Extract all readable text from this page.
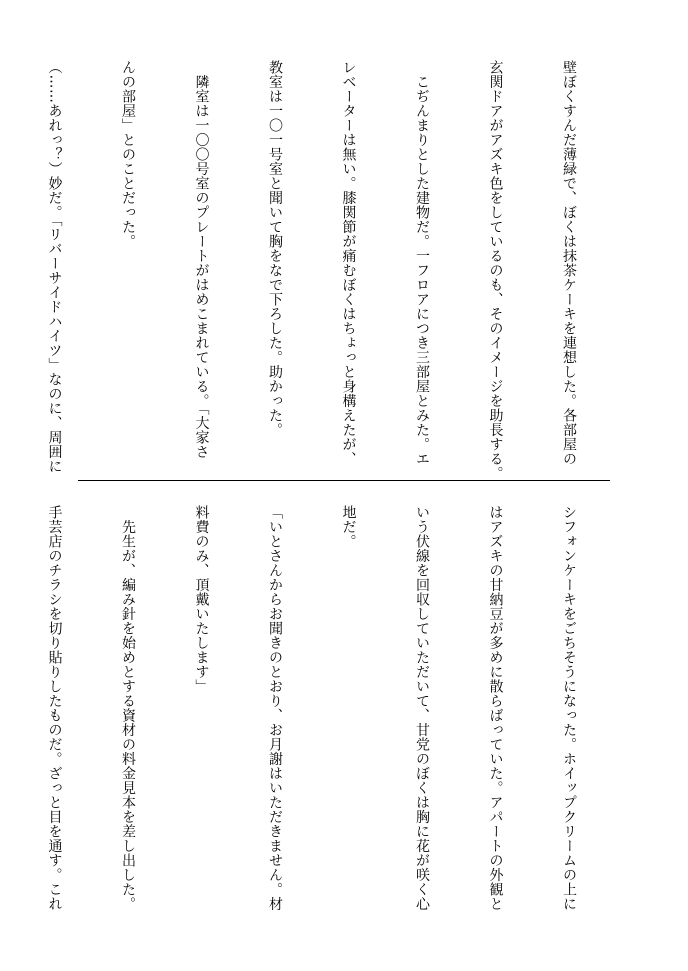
壁ぼくすんだ薄緑で、ぼくは抹茶ケーキを連想した。各部屋の

玄関ドアがアズキ色をしているのも、そのイメージを助長する。

　こぢんまりとした建物だ。一フロアにつき三部屋とみた。エ

レベーターは無い。膝関節が痛むぼくはちょっと身構えたが、

教室は一〇一号室と聞いて胸をなで下ろした。助かった。

　隣室は一〇〇号室のプレートがはめこまれている。「大家さ

んの部屋」とのことだった。

（……あれっ？）妙だ。「リバーサイドハイツ」なのに、周囲に

シフォンケーキをごちそうになった。ホイップクリームの上に

はアズキの甘納豆が多めに散らばっていた。アパートの外観と

いう伏線を回収していただいて、甘党のぼくは胸に花が咲く心

地だ。

「いとさんからお聞きのとおり、お月謝はいただきません。材

料費のみ、頂戴いたします」

　先生が、編み針を始めとする資材の料金見本を差し出した。

手芸店のチラシを切り貼りしたものだ。ざっと目を通す。これ
